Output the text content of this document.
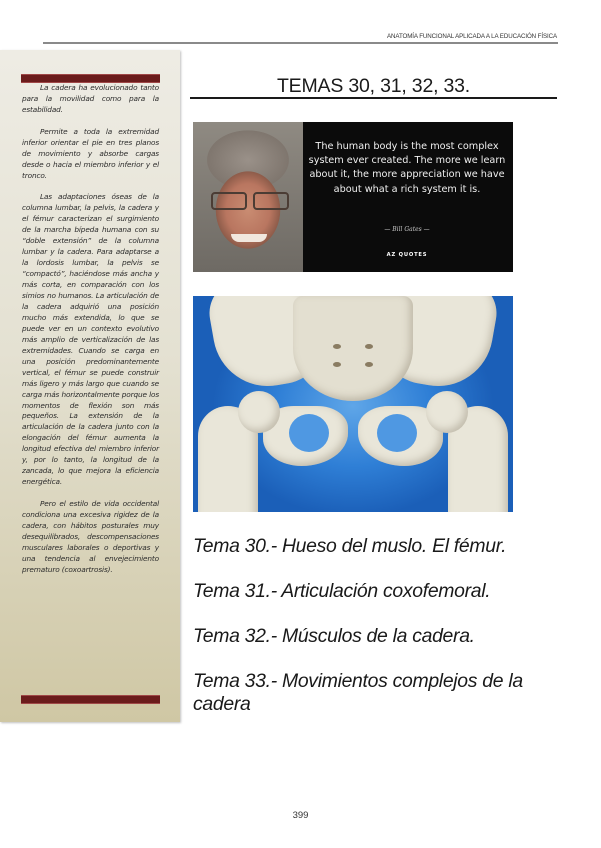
ANATOMÍA FUNCIONAL APLICADA A LA EDUCACIÓN FÍSICA

La cadera ha evolucionado tanto para la movilidad como para la estabilidad.

Permite a toda la extremidad inferior orientar el pie en tres planos de movimiento y absorbe cargas desde o hacia el miembro inferior y el tronco.

Las adaptaciones óseas de la columna lumbar, la pelvis, la cadera y el fémur caracterizan el surgimiento de la marcha bípeda humana con su “doble extensión” de la columna lumbar y la cadera. Para adaptarse a la lordosis lumbar, la pelvis se “compactó”, haciéndose más ancha y más corta, en comparación con los simios no humanos. La articulación de la cadera adquirió una posición mucho más extendida, lo que se puede ver en un contexto evolutivo más amplio de verticalización de las extremidades. Cuando se carga en una posición predominantemente vertical, el fémur se puede construir más ligero y más largo que cuando se carga más horizontalmente porque los momentos de flexión son más pequeños. La extensión de la articulación de la cadera junto con la elongación del fémur aumenta la longitud efectiva del miembro inferior y, por lo tanto, la longitud de la zancada, lo que mejora la eficiencia energética.

Pero el estilo de vida occidental condiciona una excesiva rigidez de la cadera, con hábitos posturales muy desequilibrados, descompensaciones musculares laborales o deportivas y una tendencia al envejecimiento prematuro (coxoartrosis).

TEMAS 30, 31, 32, 33.
The human body is the most complex system ever created. The more we learn about it, the more appreciation we have about what a rich system it is.
— Bill Gates —
AZ QUOTES

Tema 30.- Hueso del muslo. El fémur.

Tema 31.- Articulación coxofemoral.

Tema 32.- Músculos de la cadera.

Tema 33.- Movimientos complejos de la cadera

399
